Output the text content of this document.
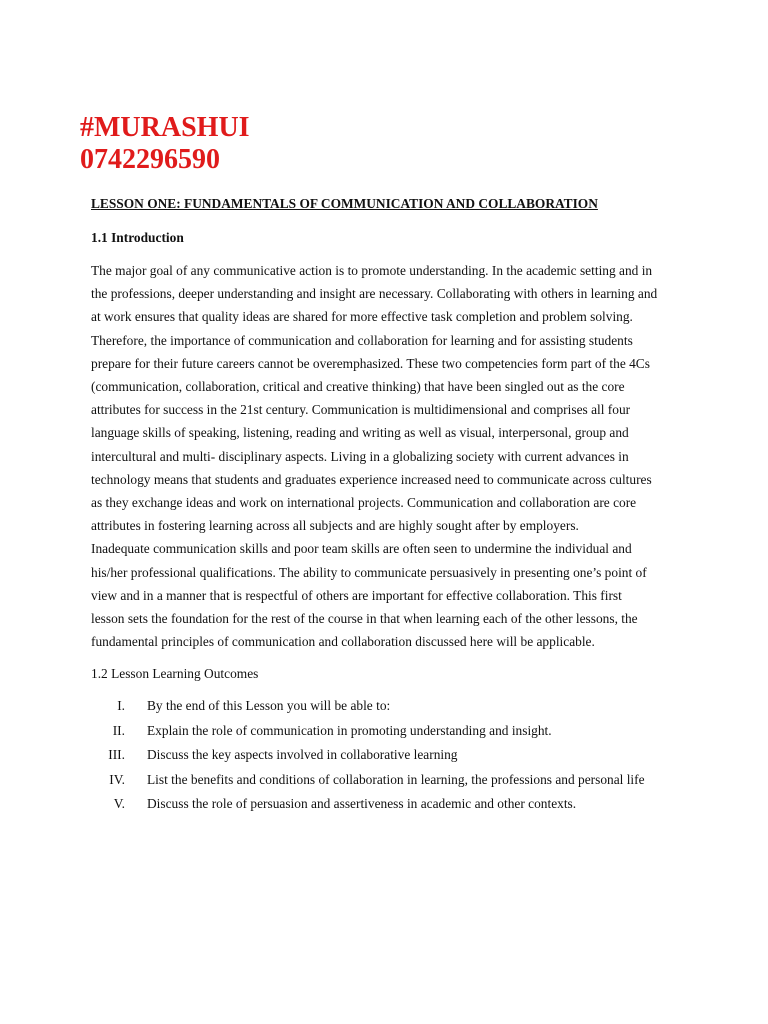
#MURASHUI
0742296590
LESSON ONE: FUNDAMENTALS OF COMMUNICATION AND COLLABORATION
1.1 Introduction

The major goal of any communicative action is to promote understanding. In the academic setting and in

the professions, deeper understanding and insight are necessary. Collaborating with others in learning and

at work ensures that quality ideas are shared for more effective task completion and problem solving.

Therefore, the importance of communication and collaboration for learning and for assisting students

prepare for their future careers cannot be overemphasized. These two competencies form part of the 4Cs

(communication, collaboration, critical and creative thinking) that have been singled out as the core

attributes for success in the 21st century. Communication is multidimensional and comprises all four

language skills of speaking, listening, reading and writing as well as visual, interpersonal, group and

intercultural and multi- disciplinary aspects. Living in a globalizing society with current advances in

technology means that students and graduates experience increased need to communicate across cultures

as they exchange ideas and work on international projects. Communication and collaboration are core

attributes in fostering learning across all subjects and are highly sought after by employers.

Inadequate communication skills and poor team skills are often seen to undermine the individual and

his/her professional qualifications. The ability to communicate persuasively in presenting one’s point of

view and in a manner that is respectful of others are important for effective collaboration. This first

lesson sets the foundation for the rest of the course in that when learning each of the other lessons, the

fundamental principles of communication and collaboration discussed here will be applicable.

1.2 Lesson Learning Outcomes
I. By the end of this Lesson you will be able to:
II. Explain the role of communication in promoting understanding and insight.
III. Discuss the key aspects involved in collaborative learning
IV. List the benefits and conditions of collaboration in learning, the professions and personal life
V. Discuss the role of persuasion and assertiveness in academic and other contexts.
